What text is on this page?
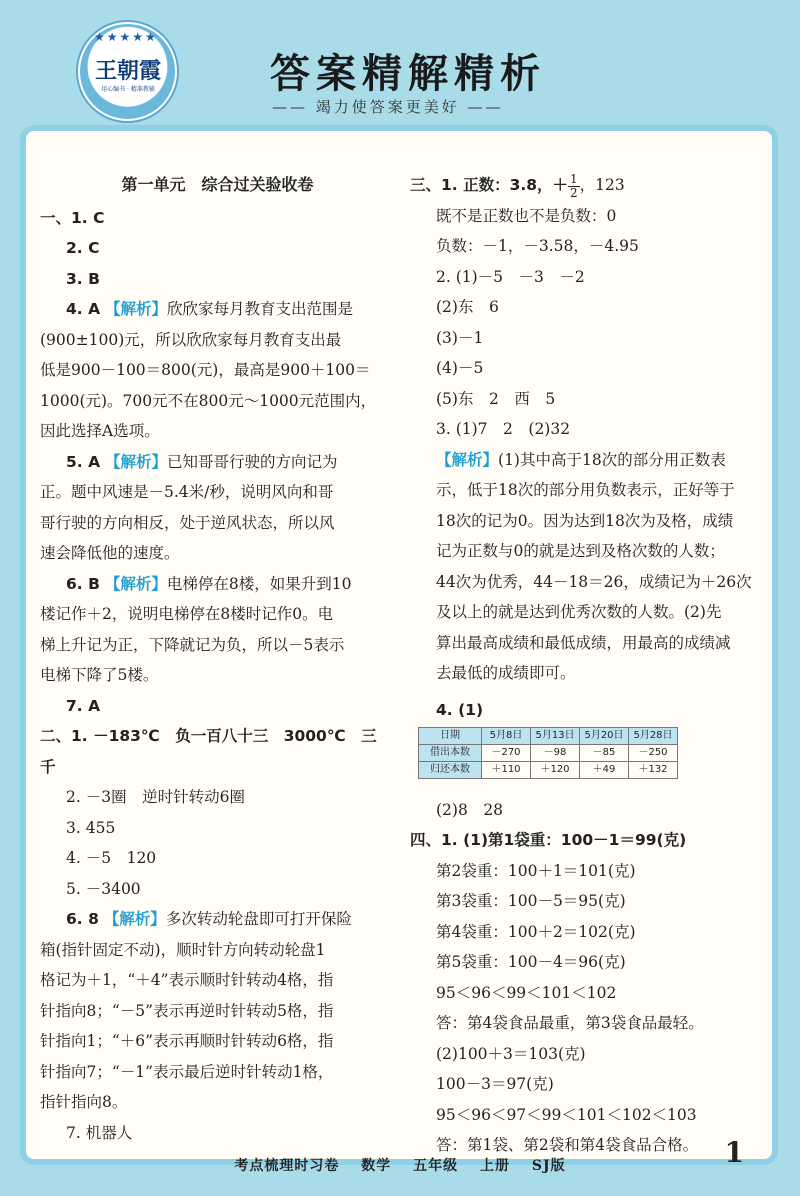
★★★★★
王朝霞
用心编书 · 精准教辅	答案精解精析
—— 竭力使答案更美好 ——
第一单元　综合过关验收卷

一、1. C

2. C

3. B

4. A 【解析】欣欣家每月教育支出范围是

(900±100)元，所以欣欣家每月教育支出最

低是900－100＝800(元)，最高是900＋100＝

1000(元)。700元不在800元～1000元范围内，

因此选择A选项。

5. A 【解析】已知哥哥行驶的方向记为

正。题中风速是－5.4米/秒，说明风向和哥

哥行驶的方向相反，处于逆风状态，所以风

速会降低他的速度。

6. B 【解析】电梯停在8楼，如果升到10

楼记作＋2，说明电梯停在8楼时记作0。电

梯上升记为正，下降就记为负，所以－5表示

电梯下降了5楼。

7. A

二、1. －183℃　负一百八十三　3000℃　三千

2. －3圈　逆时针转动6圈

3. 455

4. －5　120

5. －3400

6. 8 【解析】多次转动轮盘即可打开保险

箱(指针固定不动)，顺时针方向转动轮盘1

格记为＋1，“＋4”表示顺时针转动4格，指

针指向8；“－5”表示再逆时针转动5格，指

针指向1；“＋6”表示再顺时针转动6格，指

针指向7；“－1”表示最后逆时针转动1格，

指针指向8。

7. 机器人

三、1. 正数：3.8，＋ $\frac{1}{2}$ ，123

既不是正数也不是负数：0

负数：－1，－3.58，－4.95

2. (1)－5　－3　－2

(2)东　6

(3)－1

(4)－5

(5)东　2　西　5

3. (1)7　2　(2)32

【解析】(1)其中高于18次的部分用正数表

示，低于18次的部分用负数表示，正好等于

18次的记为0。因为达到18次为及格，成绩

记为正数与0的就是达到及格次数的人数；

44次为优秀，44－18＝26，成绩记为＋26次

及以上的就是达到优秀次数的人数。(2)先

算出最高成绩和最低成绩，用最高的成绩减

去最低的成绩即可。

4. (1)

日期	5月8日	5月13日	5月20日	5月28日
借出本数	－270	－98	－85	－250
归还本数	＋110	＋120	＋49	＋132

(2)8　28

四、1. (1)第1袋重：100－1＝99(克)

第2袋重：100＋1＝101(克)

第3袋重：100－5＝95(克)

第4袋重：100＋2＝102(克)

第5袋重：100－4＝96(克)

95＜96＜99＜101＜102

答：第4袋食品最重，第3袋食品最轻。

(2)100＋3＝103(克)

100－3＝97(克)

95＜96＜97＜99＜101＜102＜103

答：第1袋、第2袋和第4袋食品合格。

考点梳理时习卷 数学 五年级 上册 SJ版	1
